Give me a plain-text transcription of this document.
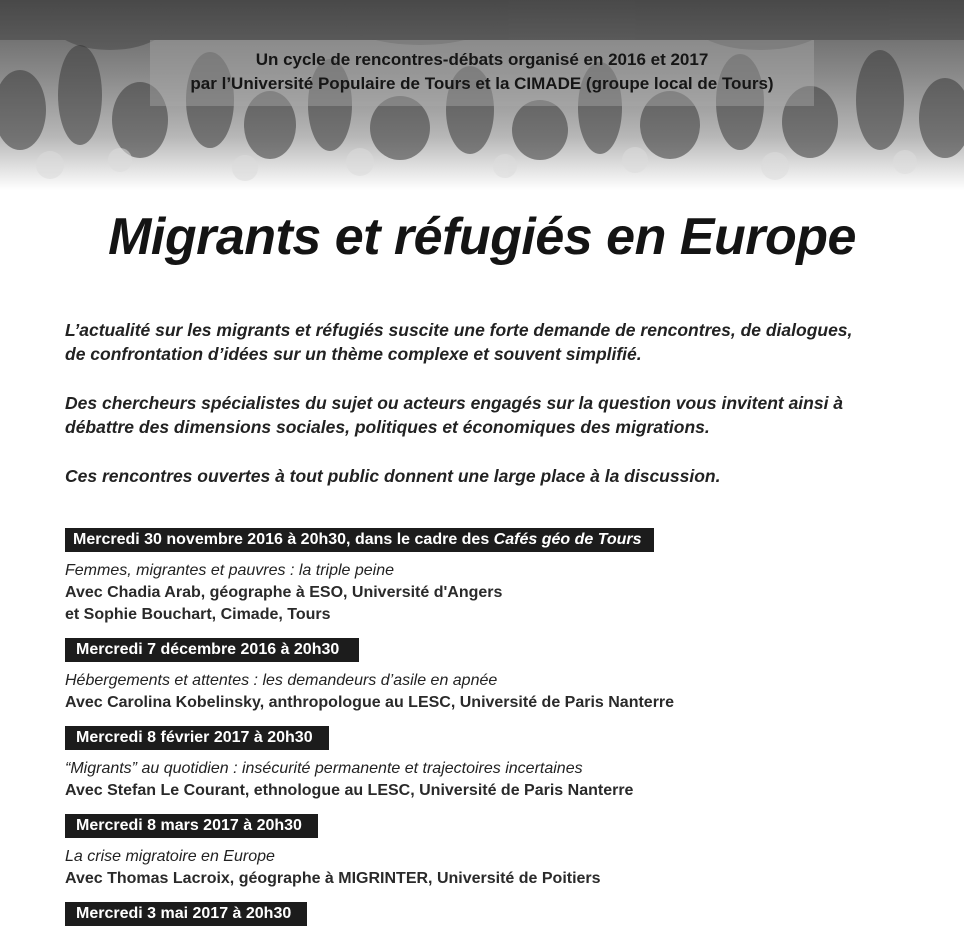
Un cycle de rencontres-débats organisé en 2016 et 2017
par l’Université Populaire de Tours et la CIMADE (groupe local de Tours)
Migrants et réfugiés en Europe

L’actualité sur les migrants et réfugiés suscite une forte demande de rencontres, de dialogues,
de confrontation d’idées sur un thème complexe et souvent simplifié.

Des chercheurs spécialistes du sujet ou acteurs engagés sur la question vous invitent ainsi à
débattre des dimensions sociales, politiques et économiques des migrations.

Ces rencontres ouvertes à tout public donnent une large place à la discussion.

Mercredi 30 novembre 2016 à 20h30, dans le cadre des Cafés géo de Tours
Femmes, migrantes et pauvres : la triple peine
Avec Chadia Arab, géographe à ESO, Université d'Angers
et Sophie Bouchart, Cimade, Tours
Mercredi 7 décembre 2016 à 20h30
Hébergements et attentes : les demandeurs d’asile en apnée
Avec Carolina Kobelinsky, anthropologue au LESC, Université de Paris Nanterre
Mercredi 8 février 2017 à 20h30
“Migrants” au quotidien : insécurité permanente et trajectoires incertaines
Avec Stefan Le Courant, ethnologue au LESC, Université de Paris Nanterre
Mercredi 8 mars 2017 à 20h30
La crise migratoire en Europe
Avec Thomas Lacroix, géographe à MIGRINTER, Université de Poitiers
Mercredi 3 mai 2017 à 20h30
